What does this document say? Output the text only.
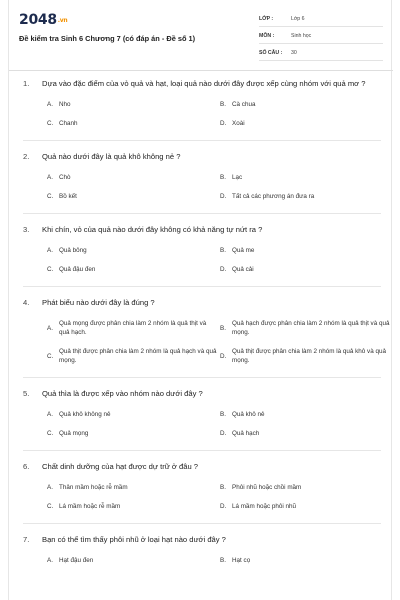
2048.vn
Đề kiểm tra Sinh 6 Chương 7 (có đáp án - Đề số 1)
LỚP :	Lớp 6
MÔN :	Sinh học
SỐ CÂU : 30
1.	Dựa vào đặc điểm của vỏ quả và hạt, loại quả nào dưới đây được xếp cùng nhóm với quả mơ ?
A. Nho	B. Cà chua
C. Chanh	D. Xoài
2.	Quả nào dưới đây là quả khô không nẻ ?
A. Chò	B. Lạc
C. Bồ kết	D. Tất cả các phương án đưa ra
3.	Khi chín, vỏ của quả nào dưới đây không có khả năng tự nứt ra ?
A. Quả bông	B. Quả me
C. Quả đậu đen	D. Quả cải
4.	Phát biểu nào dưới đây là đúng ?
A.
Quả mọng được phân chia làm 2 nhóm là quả thịt và quả hạch.
B.
Quả hạch được phân chia làm 2 nhóm là quả thịt và quả mọng.
C.
Quả thịt được phân chia làm 2 nhóm là quả hạch và quả mọng.
D.
Quả thịt được phân chia làm 2 nhóm là quả khô và quả mọng.
5.	Quả thìa là được xếp vào nhóm nào dưới đây ?
A. Quả khô không nẻ	B. Quả khô nẻ
C. Quả mọng	D. Quả hạch
6.	Chất dinh dưỡng của hạt được dự trữ ở đâu ?
A. Thân mầm hoặc rễ mầm	B. Phôi nhũ hoặc chồi mầm
C. Lá mầm hoặc rễ mầm	D. Lá mầm hoặc phôi nhũ
7.	Bạn có thể tìm thấy phôi nhũ ở loại hạt nào dưới đây ?
A. Hạt đậu đen	B. Hạt cọ
